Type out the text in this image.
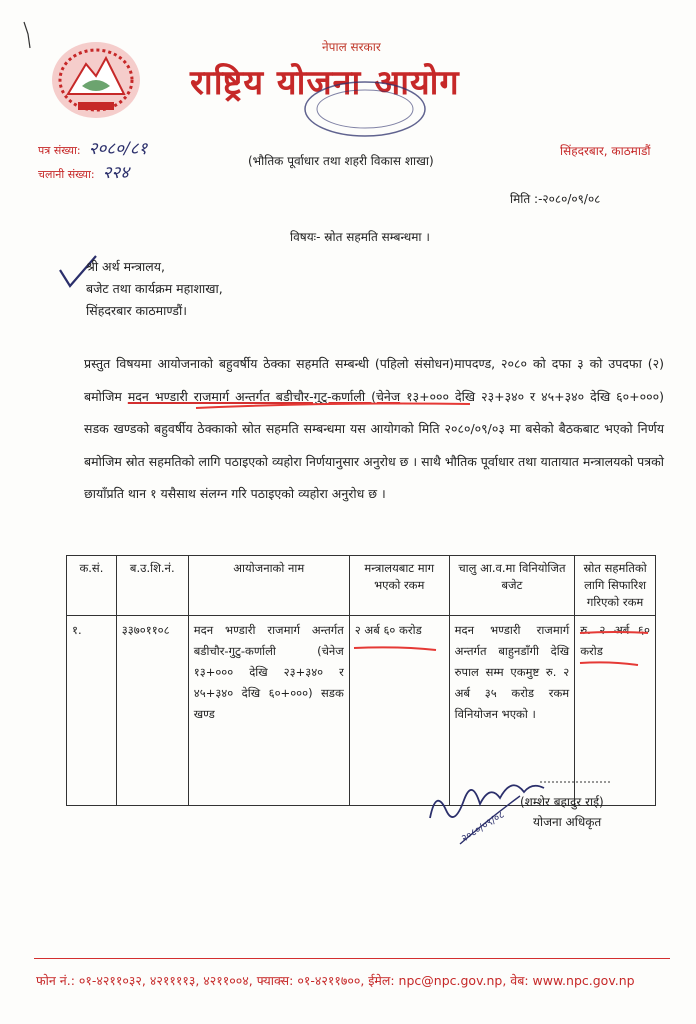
नेपाल सरकार
राष्ट्रिय योजना आयोग
पत्र संख्या: २०८०/८१
चलानी संख्या: २२४
(भौतिक पूर्वाधार तथा शहरी विकास शाखा)
सिंहदरबार, काठमाडौं
मिति :-२०८०/०९/०८
विषयः- स्रोत सहमति सम्बन्धमा ।
श्री अर्थ मन्त्रालय,
बजेट तथा कार्यक्रम महाशाखा,
सिंहदरबार काठमाण्डौं।
प्रस्तुत विषयमा आयोजनाको बहुवर्षीय ठेक्का सहमति सम्बन्धी (पहिलो संसोधन)मापदण्ड, २०८० को दफा ३ को उपदफा (२) बमोजिम मदन भण्डारी राजमार्ग अन्तर्गत बडीचौर-गुटु-कर्णाली (चेनेज १३+००० देखि २३+३४० र ४५+३४० देखि ६०+०००) सडक खण्डको बहुवर्षीय ठेक्काको स्रोत सहमति सम्बन्धमा यस आयोगको मिति २०८०/०९/०३ मा बसेको बैठकबाट भएको निर्णय बमोजिम स्रोत सहमतिको लागि पठाइएको व्यहोरा निर्णयानुसार अनुरोध छ । साथै भौतिक पूर्वाधार तथा यातायात मन्त्रालयको पत्रको छायाँप्रति थान १ यसैसाथ संलग्न गरि पठाइएको व्यहोरा अनुरोध छ ।
क.सं.	ब.उ.शि.नं.	आयोजनाको नाम	मन्त्रालयबाट माग भएको रकम	चालु आ.व.मा विनियोजित बजेट	स्रोत सहमतिको लागि सिफारिश गरिएको रकम
१.	३३७०११०८	मदन भण्डारी राजमार्ग अन्तर्गत बडीचौर-गुटु-कर्णाली (चेनेज १३+००० देखि २३+३४० र ४५+३४० देखि ६०+०००) सडक खण्ड	२ अर्ब ६० करोड	मदन भण्डारी राजमार्ग अन्तर्गत बाहुनडाँगी देखि रुपाल सम्म एकमुष्ट रु. २ अर्ब ३५ करोड रकम विनियोजन भएको ।	रु. २ अर्ब ६० करोड
२०८०/०९/०८
(शम्शेर बहादुर राई)
योजना अधिकृत
फोन नं.: ०१-४२११०३२, ४२११११३, ४२११००४, फ्याक्स: ०१-४२११७००, ईमेल: npc@npc.gov.np, वेब: www.npc.gov.np
